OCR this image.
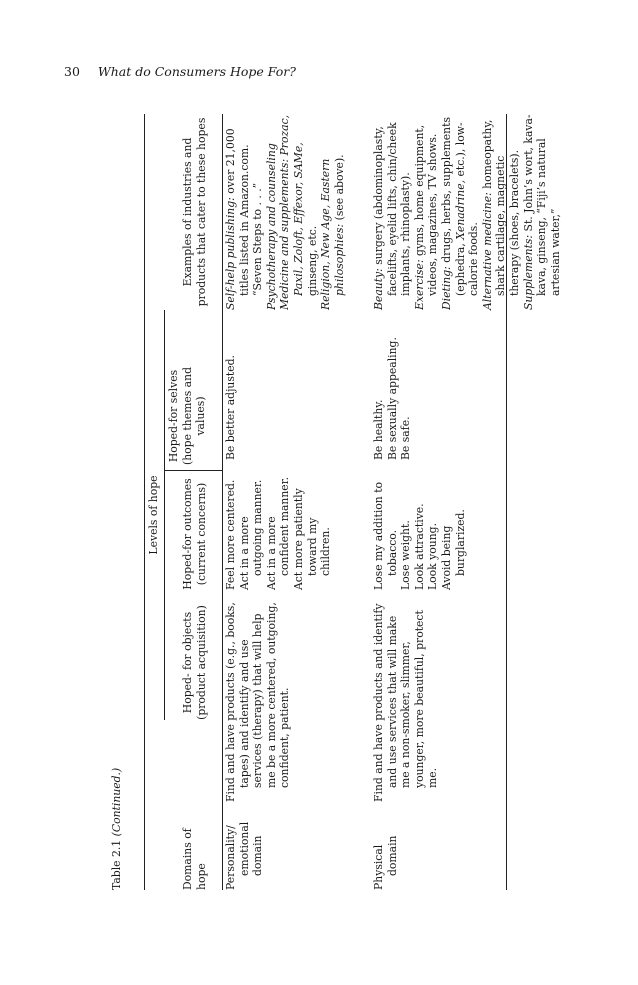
30 What do Consumers Hope For?
Table 2.1 (Continued.)
Levels of hope
Domains of hope
Hoped- for objects (product acquisition)
Hoped-for outcomes (current concerns)
Hoped-for selves (hope themes and values)
Examples of industries and products that cater to these hopes

Personality/ emotional domain

Find and have products (e.g., books, tapes) and identify and use services (therapy) that will help me be a more centered, outgoing, confident, patient.

Feel more centered. Act in a more outgoing manner. Act in a more confident manner. Act more patiently toward my children.

Be better adjusted.

Self-help publishing: over 21,000 titles listed in Amazon.com. “Seven Steps to . . .” Psychotherapy and counseling Medicine and supplements: Prozac, Paxil, Zoloft, Effexor, SAMe, ginseng, etc. Religion, New Age, Eastern philosophies: (see above).

Physical domain

Find and have products and identify and use services that will make me a non-smoker, slimmer, younger, more beautiful, protect me.

Lose my addition to tobacco. Lose weight. Look attractive. Look young. Avoid being burglarized.

Be healthy. Be sexually appealing. Be safe.

Beauty: surgery (abdominoplasty, facelifts, eyelid lifts, chin/cheek implants, rhinoplasty). Exercise: gyms, home equipment, videos, magazines, TV shows. Dieting: drugs, herbs, supplements (ephedra, Xenadrine, etc.), low-calorie foods. Alternative medicine: homeopathy, shark cartilage, magnetic therapy (shoes, bracelets). Supplements: St. John’s wort, kava-kava, ginseng, “Fiji’s natural artesian water,”
